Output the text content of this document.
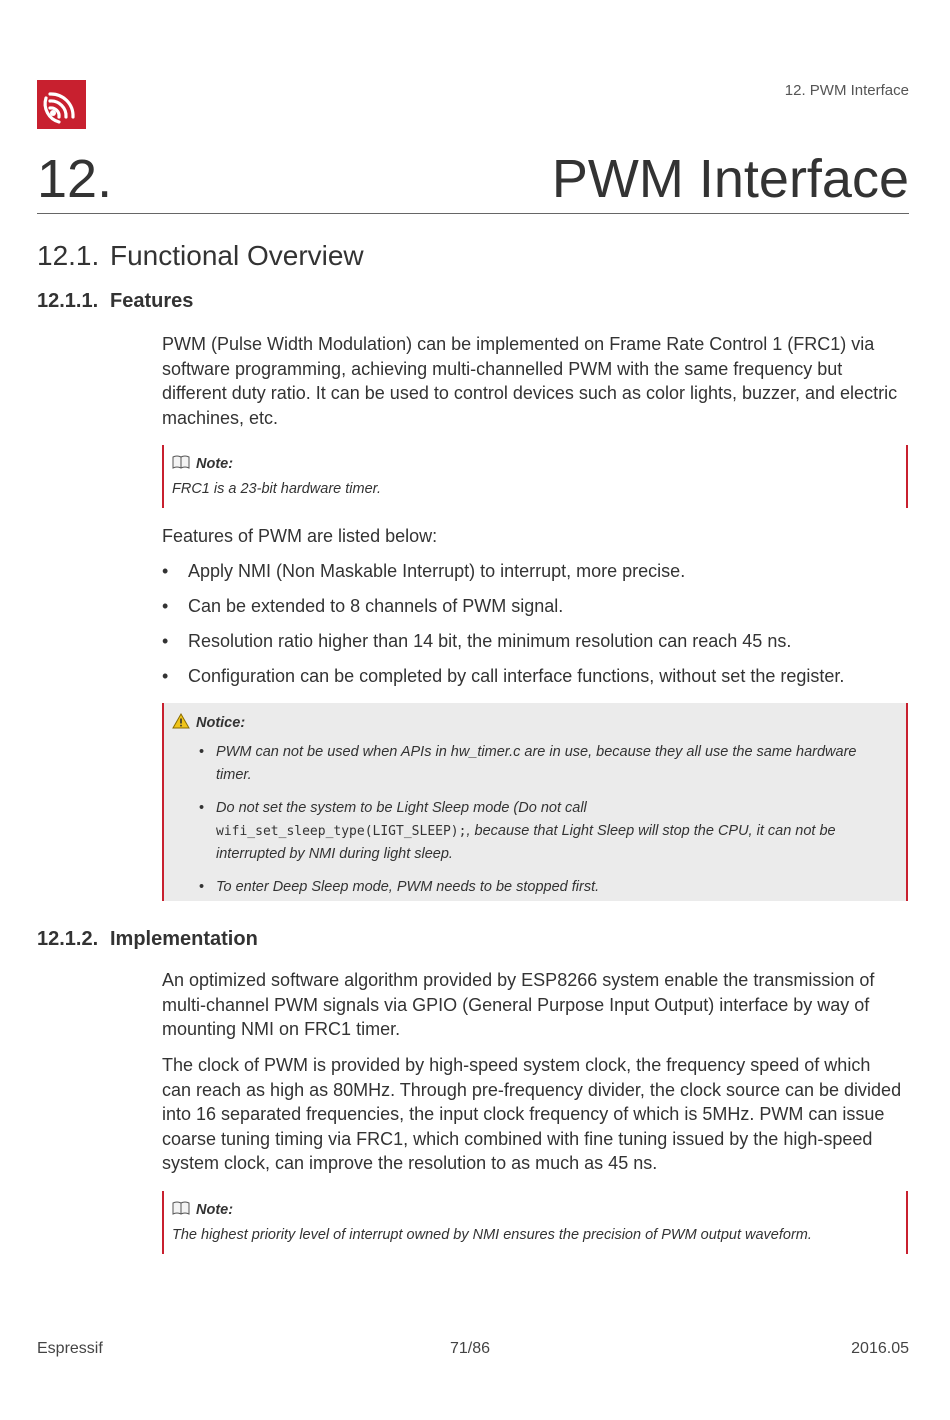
12. PWM Interface
12.	PWM Interface
12.1. Functional Overview
12.1.1. Features

PWM (Pulse Width Modulation) can be implemented on Frame Rate Control 1 (FRC1) via software programming, achieving multi-channelled PWM with the same frequency but different duty ratio. It can be used to control devices such as color lights, buzzer, and electric machines, etc.

Note:
FRC1 is a 23-bit hardware timer.

Features of PWM are listed below:

• Apply NMI (Non Maskable Interrupt) to interrupt, more precise.
• Can be extended to 8 channels of PWM signal.
• Resolution ratio higher than 14 bit, the minimum resolution can reach 45 ns.
• Configuration can be completed by call interface functions, without set the register.
Notice:
• PWM can not be used when APIs in hw_timer.c are in use, because they all use the same hardware timer.
• Do not set the system to be Light Sleep mode (Do not call
wifi_set_sleep_type(LIGT_SLEEP);, because that Light Sleep will stop the CPU, it can not be interrupted by NMI during light sleep.
• To enter Deep Sleep mode, PWM needs to be stopped first.
12.1.2. Implementation

An optimized software algorithm provided by ESP8266 system enable the transmission of multi-channel PWM signals via GPIO (General Purpose Input Output) interface by way of mounting NMI on FRC1 timer.

The clock of PWM is provided by high-speed system clock, the frequency speed of which can reach as high as 80MHz. Through pre-frequency divider, the clock source can be divided into 16 separated frequencies, the input clock frequency of which is 5MHz. PWM can issue coarse tuning timing via FRC1, which combined with fine tuning issued by the high-speed system clock, can improve the resolution to as much as 45 ns.

Note:
The highest priority level of interrupt owned by NMI ensures the precision of PWM output waveform.
Espressif	71/86	2016.05
